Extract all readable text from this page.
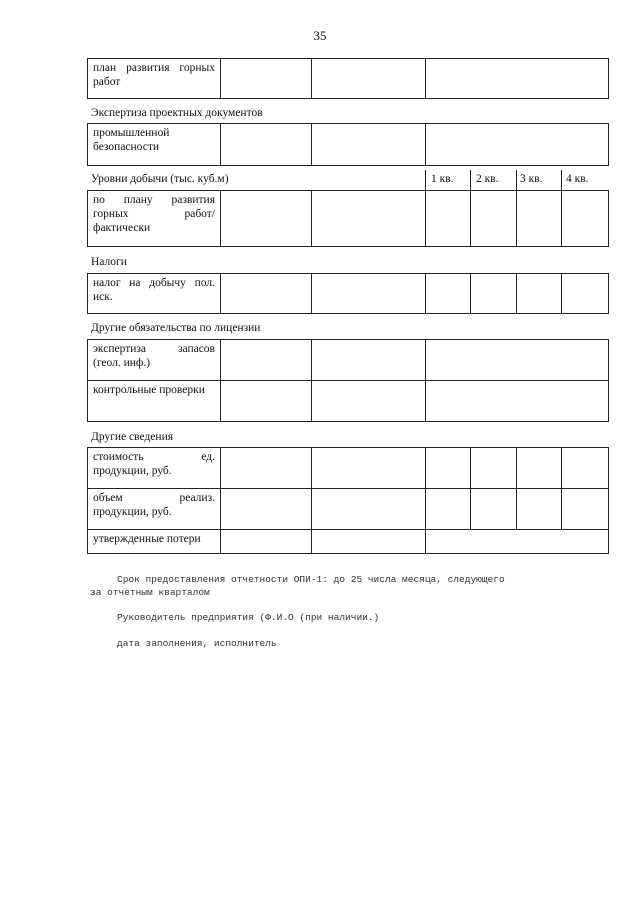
35
план развития горных работ			
Экспертиза проектных документов
промышленной безопасности			
Уровни добычи (тыс. куб.м)	1 кв. 2 кв. 3 кв. 4 кв.
по плану развития горных работ/фактически						
Налоги
налог на добычу пол. иск.						
Другие обязательства по лицензии
экспертиза запасов (геол. инф.)			
контрольные проверки			
Другие сведения
стоимость ед. продукции, руб.						
объем реализ. продукции, руб.						
утвержденные потери						
Срок предоставления отчетности ОПИ-1: до 25 числа месяца, следующего
за отчетным кварталом
Руководитель предприятия (Ф.И.О (при наличии.)
дата заполнения, исполнитель
